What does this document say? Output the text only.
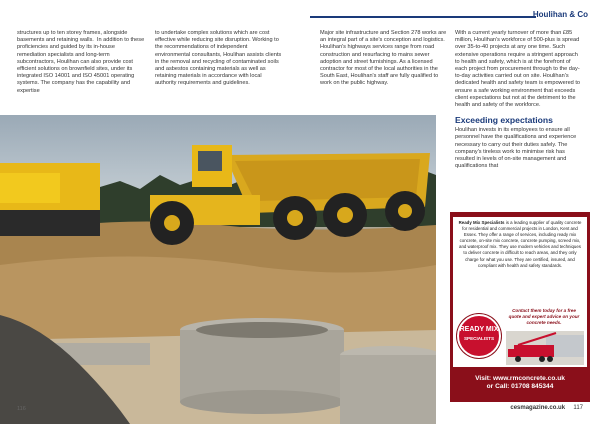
Houlihan & Co

structures up to ten storey frames, alongside basements and retaining walls.  In addition to these proficiencies and guided by its in-house remediation specialists and long-term subcontractors, Houlihan can also provide cost efficient solutions on brownfield sites, under its integrated ISO 14001 and ISO 45001 operating systems. The company has the capability and expertise

to undertake complex solutions which are cost effective while reducing site disruption. Working to the recommendations of independent environmental consultants, Houlihan assists clients in the removal and recycling of contaminated soils and asbestos containing materials as well as retaining materials in accordance with local authority requirements and guidelines.

Major site infrastructure and Section 278 works are an integral part of a site's conception and logistics. Houlihan's highways services range from road construction and resurfacing to mains sewer adoption and street furnishings. As a licensed contractor for most of the local authorities in the South East, Houlihan's staff are fully qualified to work on the public highway.

With a current yearly turnover of more than £85 million, Houlihan's workforce of 500-plus is spread over 35-to-40 projects at any one time. Such extensive operations require a stringent approach to health and safety, which is at the forefront of each project from procurement through to the day-to-day activities carried out on site. Houlihan's dedicated health and safety team is empowered to ensure a safe working environment that exceeds client expectations but not at the detriment to the health and safety of the workforce.

Exceeding expectations

Houlihan invests in its employees to ensure all personnel have the qualifications and experience necessary to carry out their duties safely. The company's tireless work to minimise risk has resulted in levels of on-site management and qualifications that

Ready Mix Specialists is a leading supplier of quality concrete for residential and commercial projects in London, Kent and Essex. They offer a range of services, including ready mix concrete, on-site mix concrete, concrete pumping, screed mix, and waterproof mix. They use modern vehicles and techniques to deliver concrete in difficult to reach areas, and they only charge for what you use. They are certified, insured, and compliant with health and safety standards.
READY MIX
SPECIALISTS
Contact them today for a free quote and expert advice on your concrete needs.
Visit: www.rmconcrete.co.uk
or Call: 01708 845344
116	cesmagazine.co.uk 117
